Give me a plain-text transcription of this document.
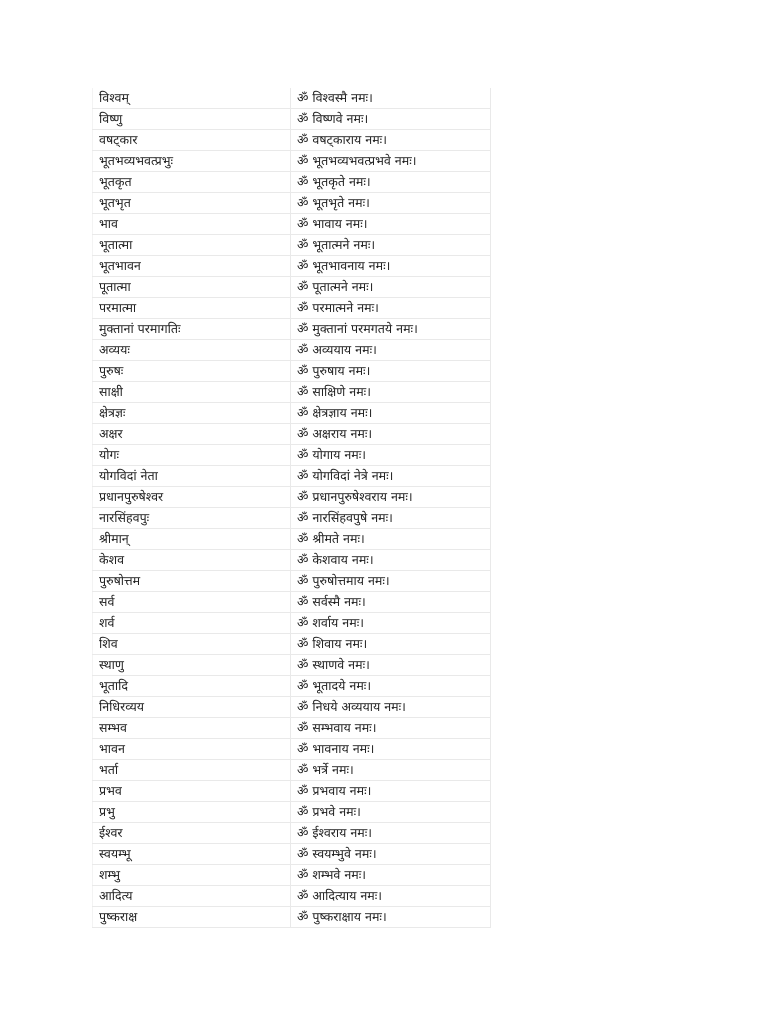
विश्वम्	ॐ विश्वस्मै नमः।
विष्णु	ॐ विष्णवे नमः।
वषट्कार	ॐ वषट्काराय नमः।
भूतभव्यभवत्प्रभुः	ॐ भूतभव्यभवत्प्रभवे नमः।
भूतकृत	ॐ भूतकृते नमः।
भूतभृत	ॐ भूतभृते नमः।
भाव	ॐ भावाय नमः।
भूतात्मा	ॐ भूतात्मने नमः।
भूतभावन	ॐ भूतभावनाय नमः।
पूतात्मा	ॐ पूतात्मने नमः।
परमात्मा	ॐ परमात्मने नमः।
मुक्तानां परमागतिः	ॐ मुक्तानां परमगतये नमः।
अव्ययः	ॐ अव्ययाय नमः।
पुरुषः	ॐ पुरुषाय नमः।
साक्षी	ॐ साक्षिणे नमः।
क्षेत्रज्ञः	ॐ क्षेत्रज्ञाय नमः।
अक्षर	ॐ अक्षराय नमः।
योगः	ॐ योगाय नमः।
योगविदां नेता	ॐ योगविदां नेत्रे नमः।
प्रधानपुरुषेश्वर	ॐ प्रधानपुरुषेश्वराय नमः।
नारसिंहवपुः	ॐ नारसिंहवपुषे नमः।
श्रीमान्	ॐ श्रीमते नमः।
केशव	ॐ केशवाय नमः।
पुरुषोत्तम	ॐ पुरुषोत्तमाय नमः।
सर्व	ॐ सर्वस्मै नमः।
शर्व	ॐ शर्वाय नमः।
शिव	ॐ शिवाय नमः।
स्थाणु	ॐ स्थाणवे नमः।
भूतादि	ॐ भूतादये नमः।
निधिरव्यय	ॐ निधये अव्ययाय नमः।
सम्भव	ॐ सम्भवाय नमः।
भावन	ॐ भावनाय नमः।
भर्ता	ॐ भर्त्रे नमः।
प्रभव	ॐ प्रभवाय नमः।
प्रभु	ॐ प्रभवे नमः।
ईश्वर	ॐ ईश्वराय नमः।
स्वयम्भू	ॐ स्वयम्भुवे नमः।
शम्भु	ॐ शम्भवे नमः।
आदित्य	ॐ आदित्याय नमः।
पुष्कराक्ष	ॐ पुष्कराक्षाय नमः।
